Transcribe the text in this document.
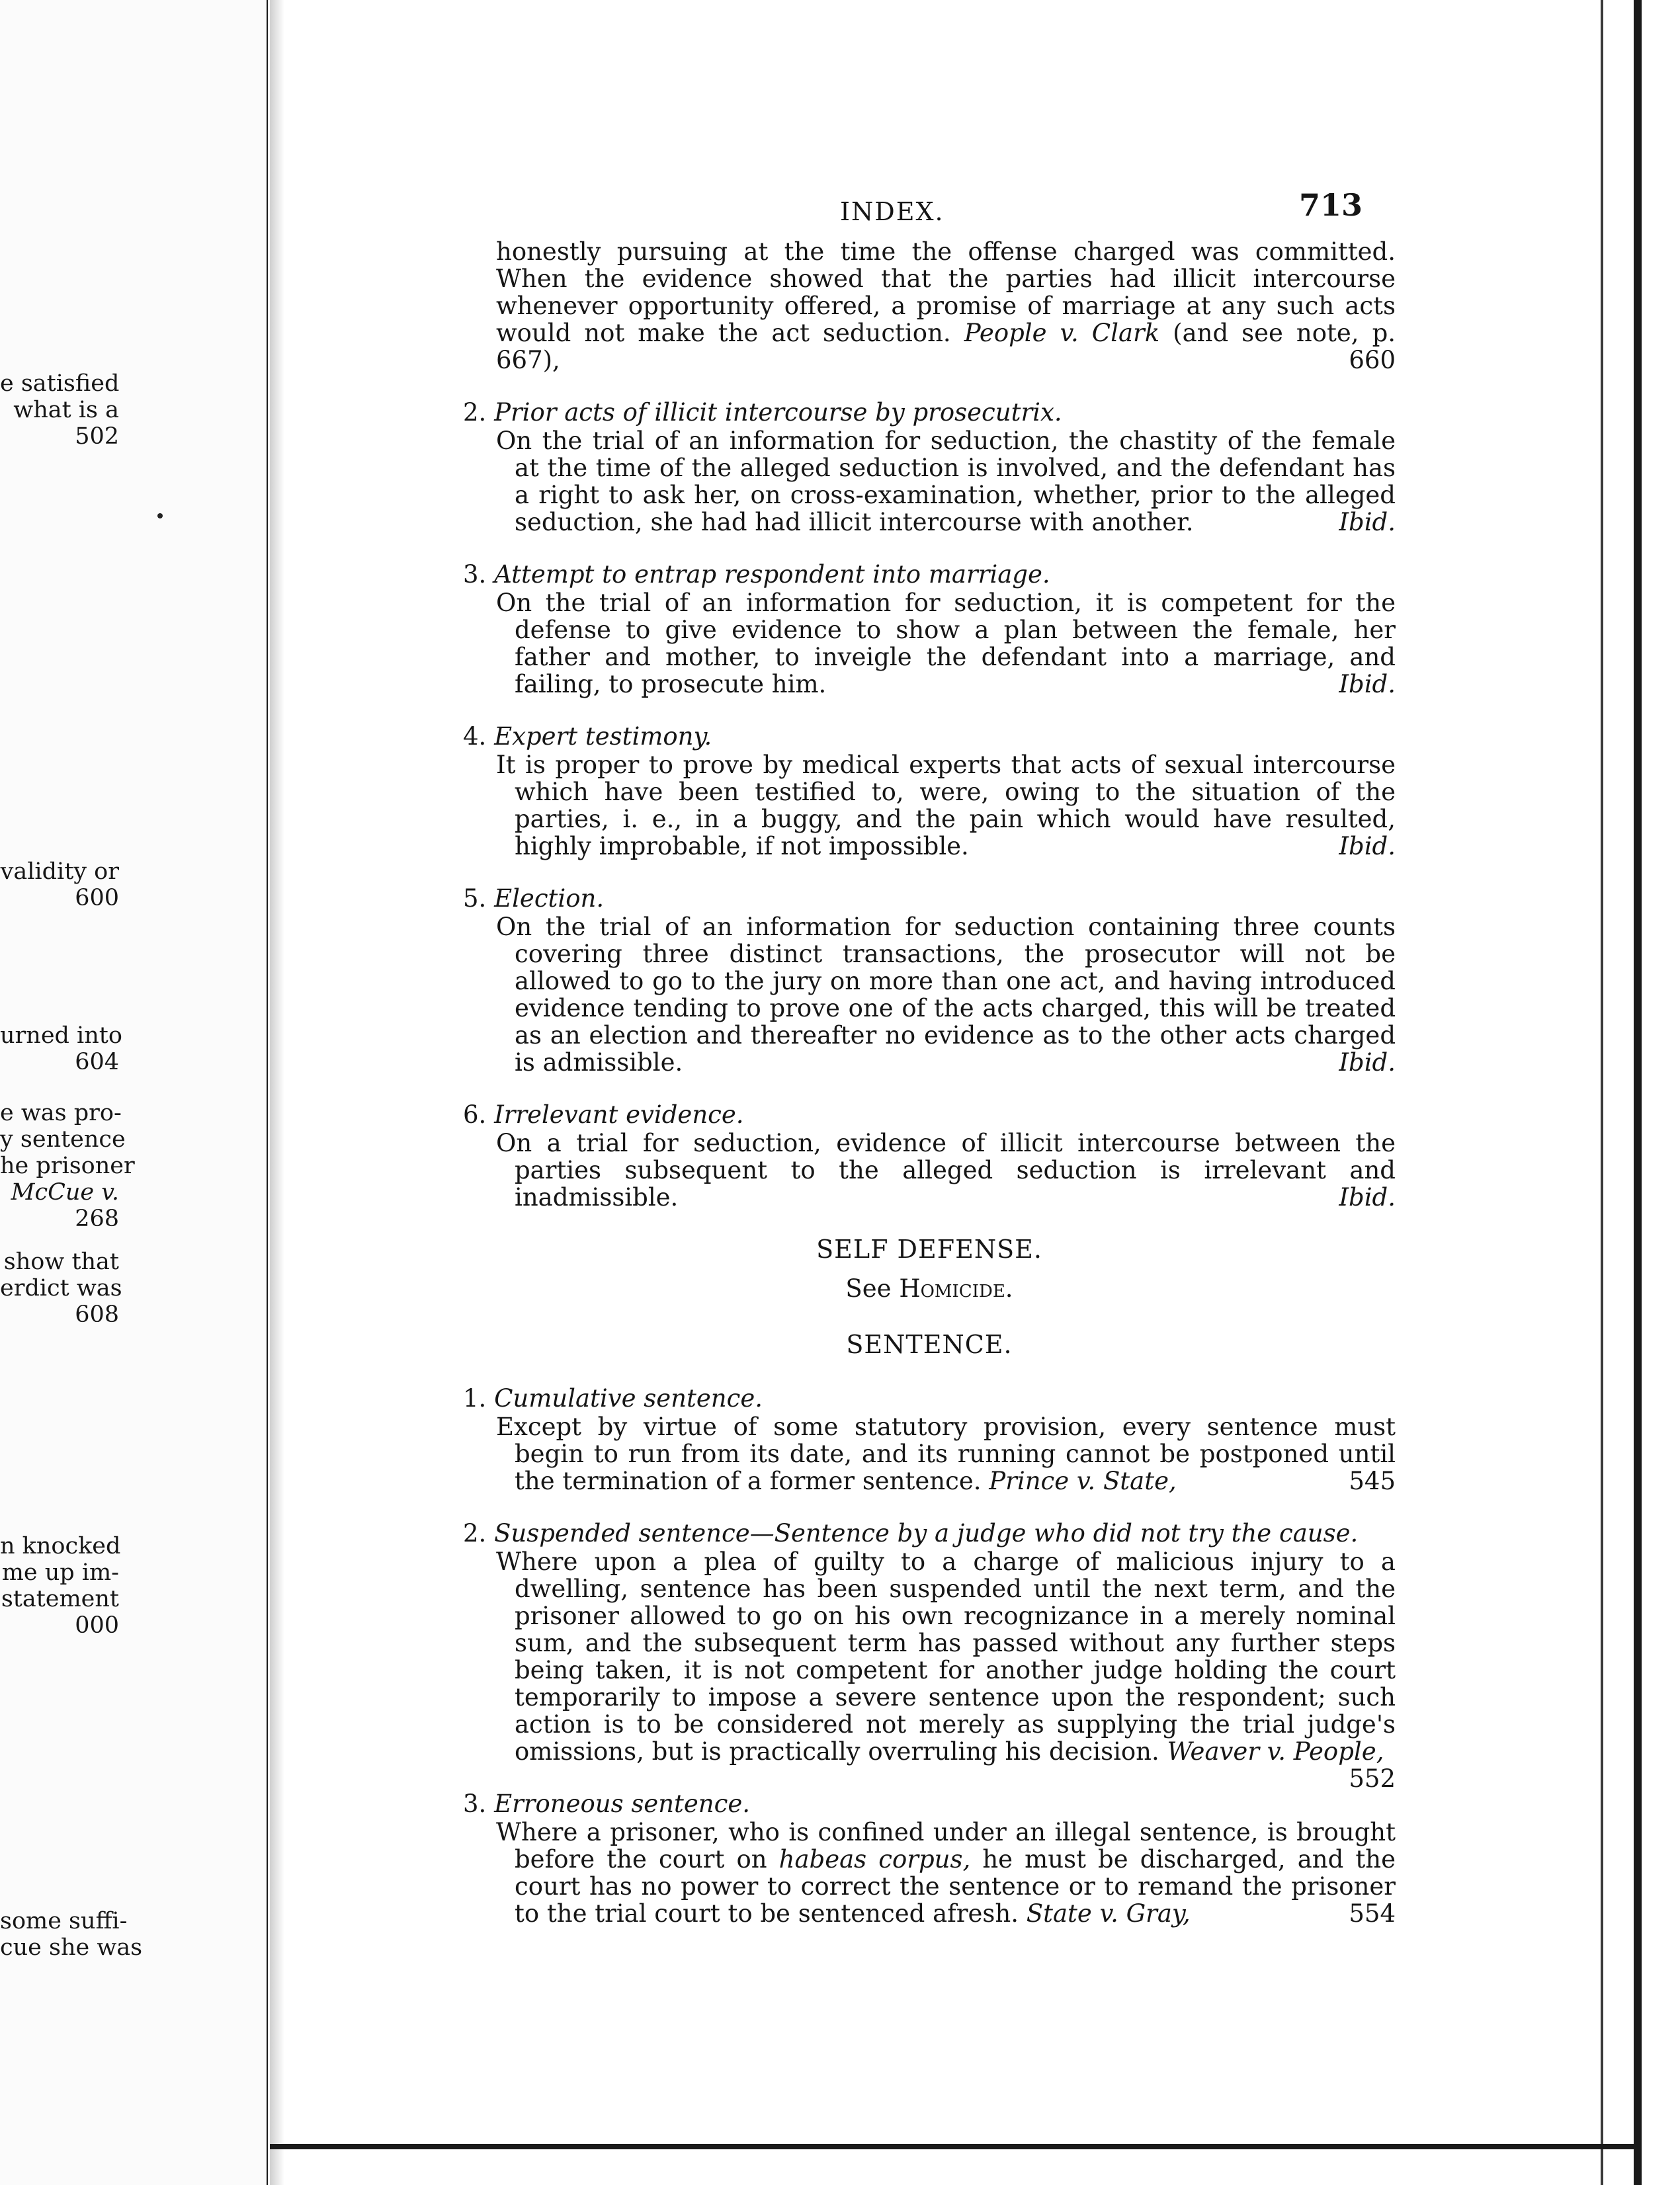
e satisfied
what is a
502
validity or
600
urned into
604
e was pro-
y sentence
he prisoner
McCue v.
268
show that
erdict was
608
n knocked
me up im-
statement
000
some suffi-
cue she was
INDEX.	713
honestly pursuing at the time the offense charged was committed. When the evidence showed that the parties had illicit intercourse whenever opportunity offered, a promise of marriage at any such acts would not make the act seduction. People v. Clark (and see note, p. 667),	660
2. Prior acts of illicit intercourse by prosecutrix.
On the trial of an information for seduction, the chastity of the female at the time of the alleged seduction is involved, and the defendant has a right to ask her, on cross-examination, whether, prior to the alleged seduction, she had had illicit intercourse with another.	Ibid.
3. Attempt to entrap respondent into marriage.
On the trial of an information for seduction, it is competent for the defense to give evidence to show a plan between the female, her father and mother, to inveigle the defendant into a marriage, and failing, to prosecute him.	Ibid.
4. Expert testimony.
It is proper to prove by medical experts that acts of sexual intercourse which have been testified to, were, owing to the situation of the parties, i. e., in a buggy, and the pain which would have resulted, highly improbable, if not impossible.	Ibid.
5. Election.
On the trial of an information for seduction containing three counts covering three distinct transactions, the prosecutor will not be allowed to go to the jury on more than one act, and having introduced evidence tending to prove one of the acts charged, this will be treated as an election and thereafter no evidence as to the other acts charged is admissible.	Ibid.
6. Irrelevant evidence.
On a trial for seduction, evidence of illicit intercourse between the parties subsequent to the alleged seduction is irrelevant and inadmissible.	Ibid.
SELF DEFENSE.
See Homicide.
SENTENCE.
1. Cumulative sentence.
Except by virtue of some statutory provision, every sentence must begin to run from its date, and its running cannot be postponed until the termination of a former sentence. Prince v. State,	545
2. Suspended sentence—Sentence by a judge who did not try the cause.
Where upon a plea of guilty to a charge of malicious injury to a dwelling, sentence has been suspended until the next term, and the prisoner allowed to go on his own recognizance in a merely nominal sum, and the subsequent term has passed without any further steps being taken, it is not competent for another judge holding the court temporarily to impose a severe sentence upon the respondent; such action is to be considered not merely as supplying the trial judge's omissions, but is practically overruling his decision. Weaver v. People,
552
3. Erroneous sentence.
Where a prisoner, who is confined under an illegal sentence, is brought before the court on habeas corpus, he must be discharged, and the court has no power to correct the sentence or to remand the prisoner to the trial court to be sentenced afresh. State v. Gray,	554
